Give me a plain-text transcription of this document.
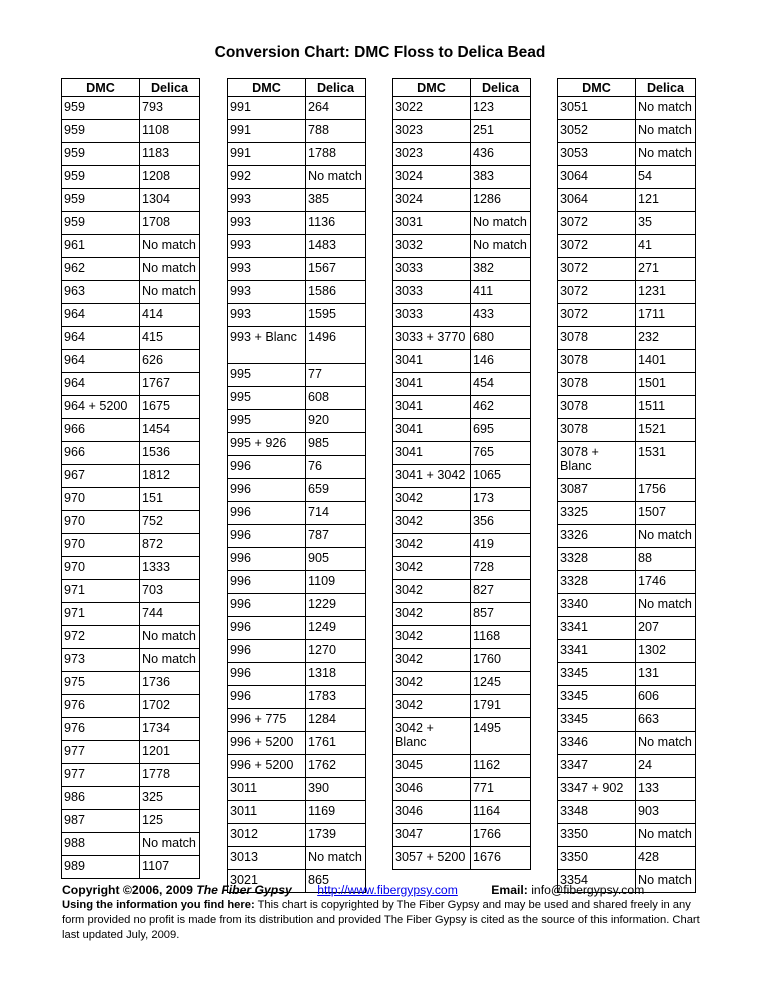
Conversion Chart: DMC Floss to Delica Bead
DMC	Delica
959	793
959	1108
959	1183
959	1208
959	1304
959	1708
961	No match
962	No match
963	No match
964	414
964	415
964	626
964	1767
964 + 5200	1675
966	1454
966	1536
967	1812
970	151
970	752
970	872
970	1333
971	703
971	744
972	No match
973	No match
975	1736
976	1702
976	1734
977	1201
977	1778
986	325
987	125
988	No match
989	1107
DMC	Delica
991	264
991	788
991	1788
992	No match
993	385
993	1136
993	1483
993	1567
993	1586
993	1595
993 + Blanc	1496
995	77
995	608
995	920
995 + 926	985
996	76
996	659
996	714
996	787
996	905
996	1109
996	1229
996	1249
996	1270
996	1318
996	1783
996 + 775	1284
996 + 5200	1761
996 + 5200	1762
3011	390
3011	1169
3012	1739
3013	No match
3021	865
DMC	Delica
3022	123
3023	251
3023	436
3024	383
3024	1286
3031	No match
3032	No match
3033	382
3033	411
3033	433
3033 + 3770	680
3041	146
3041	454
3041	462
3041	695
3041	765
3041 + 3042	1065
3042	173
3042	356
3042	419
3042	728
3042	827
3042	857
3042	1168
3042	1760
3042	1245
3042	1791
3042 + Blanc	1495
3045	1162
3046	771
3046	1164
3047	1766
3057 + 5200	1676
DMC	Delica
3051	No match
3052	No match
3053	No match
3064	54
3064	121
3072	35
3072	41
3072	271
3072	1231
3072	1711
3078	232
3078	1401
3078	1501
3078	1511
3078	1521
3078 + Blanc	1531
3087	1756
3325	1507
3326	No match
3328	88
3328	1746
3340	No match
3341	207
3341	1302
3345	131
3345	606
3345	663
3346	No match
3347	24
3347 + 902	133
3348	903
3350	No match
3350	428
3354	No match
Copyright ©2006, 2009 The Fiber Gypsy http://www.fibergypsy.com	Email: info@fibergypsy.com
Using the information you find here: This chart is copyrighted by The Fiber Gypsy and may be used and shared freely in any form provided no profit is made from its distribution and provided The Fiber Gypsy is cited as the source of this information. Chart last updated July, 2009.
